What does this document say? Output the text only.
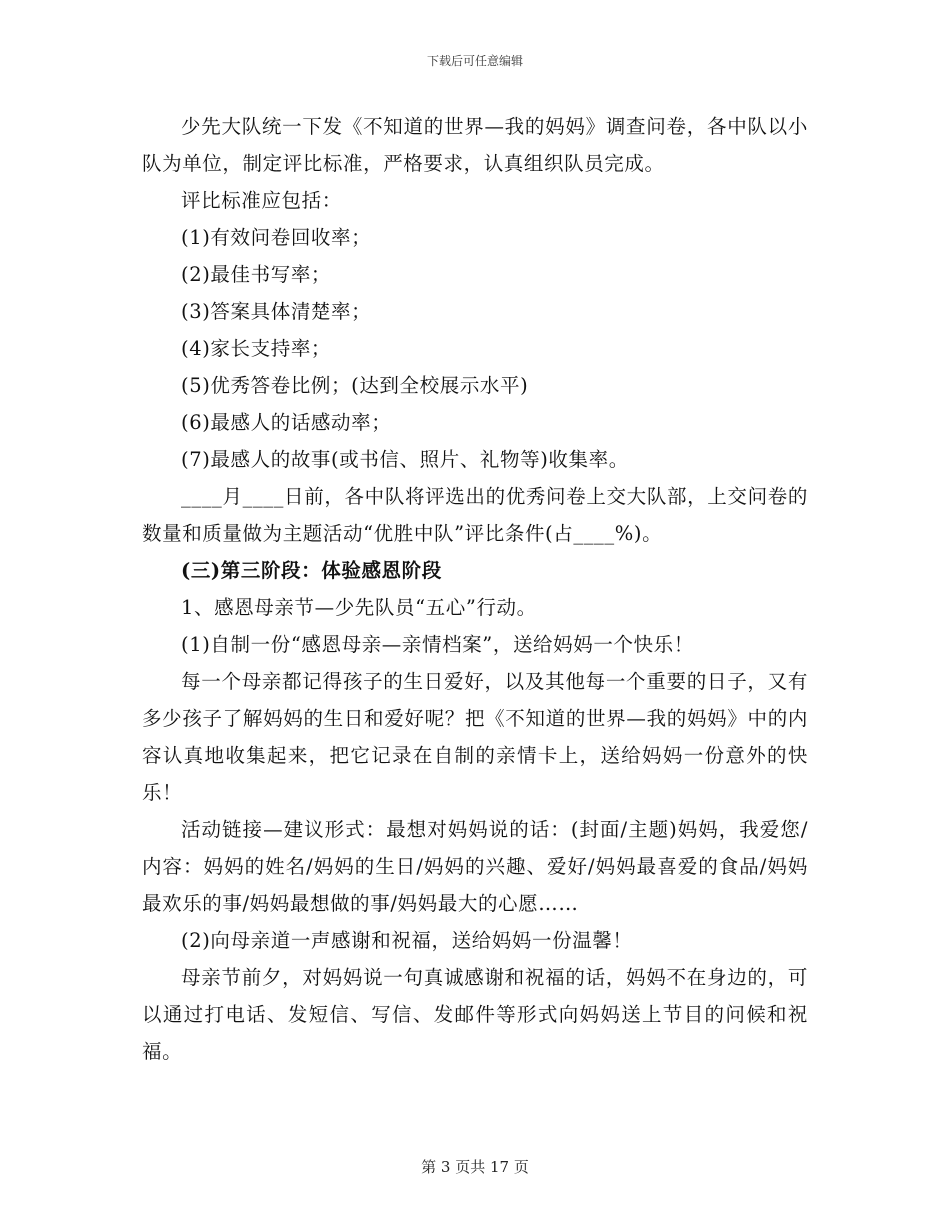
下载后可任意编辑

少先大队统一下发《不知道的世界—我的妈妈》调查问卷，各中队以小队为单位，制定评比标准，严格要求，认真组织队员完成。

评比标准应包括：

(1)有效问卷回收率；

(2)最佳书写率；

(3)答案具体清楚率；

(4)家长支持率；

(5)优秀答卷比例；(达到全校展示水平)

(6)最感人的话感动率；

(7)最感人的故事(或书信、照片、礼物等)收集率。

____月____日前，各中队将评选出的优秀问卷上交大队部，上交问卷的数量和质量做为主题活动“优胜中队”评比条件(占____%)。

(三)第三阶段：体验感恩阶段

1、感恩母亲节—少先队员“五心”行动。

(1)自制一份“感恩母亲—亲情档案”，送给妈妈一个快乐！

每一个母亲都记得孩子的生日爱好，以及其他每一个重要的日子，又有多少孩子了解妈妈的生日和爱好呢？把《不知道的世界—我的妈妈》中的内容认真地收集起来，把它记录在自制的亲情卡上，送给妈妈一份意外的快乐！

活动链接—建议形式：最想对妈妈说的话：(封面/主题)妈妈，我爱您/内容：妈妈的姓名/妈妈的生日/妈妈的兴趣、爱好/妈妈最喜爱的食品/妈妈最欢乐的事/妈妈最想做的事/妈妈最大的心愿……

(2)向母亲道一声感谢和祝福，送给妈妈一份温馨！

母亲节前夕，对妈妈说一句真诚感谢和祝福的话，妈妈不在身边的，可以通过打电话、发短信、写信、发邮件等形式向妈妈送上节目的问候和祝福。

第 3 页共 17 页
